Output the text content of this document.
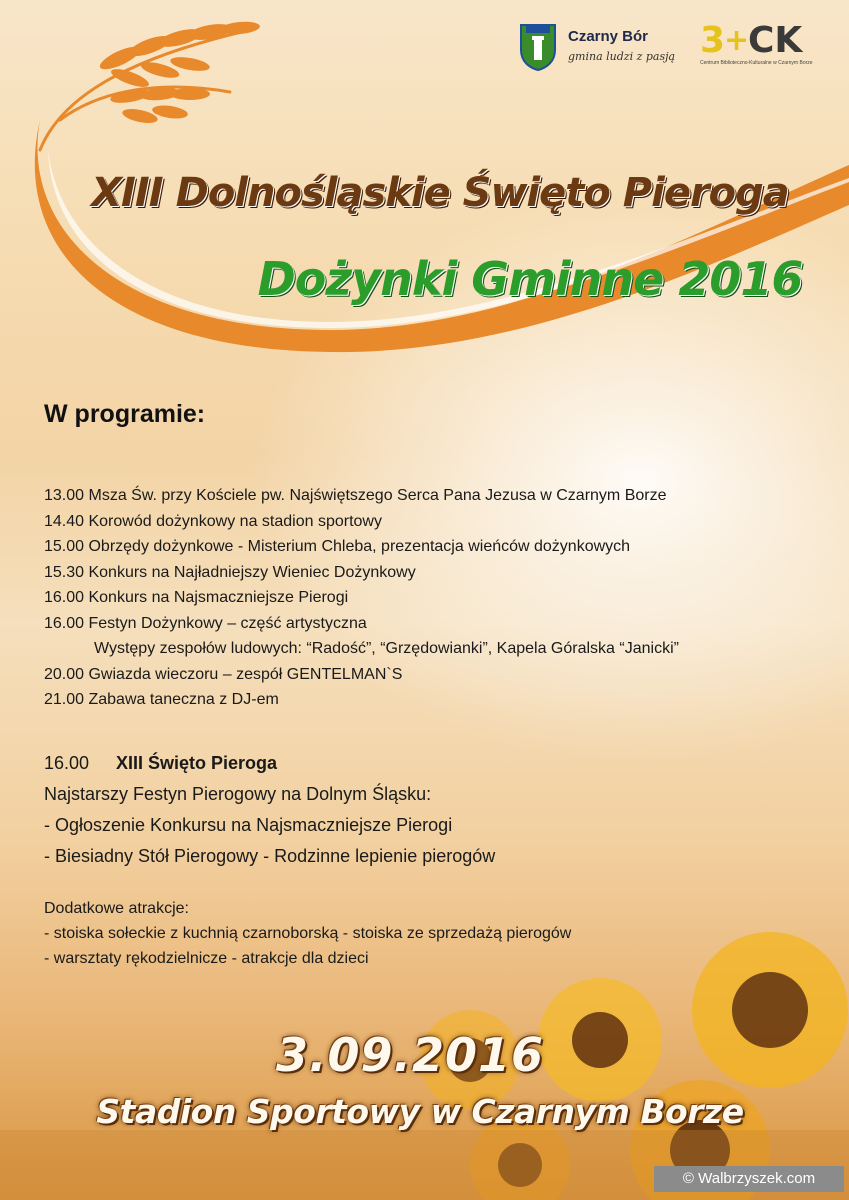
Czarny Bór
gmina ludzi z pasją 3
+
CK
Centrum Biblioteczno-Kulturalne w Czarnym Borze
XIII Dolnośląskie Święto Pieroga
Dożynki Gminne 2016
W programie:
13.00 Msza Św. przy Kościele pw. Najświętszego Serca Pana Jezusa w Czarnym Borze
14.40 Korowód dożynkowy na stadion sportowy
15.00 Obrzędy dożynkowe - Misterium Chleba, prezentacja wieńców dożynkowych
15.30 Konkurs na Najładniejszy Wieniec Dożynkowy
16.00 Konkurs na Najsmaczniejsze Pierogi
16.00 Festyn Dożynkowy – część artystyczna
Występy zespołów ludowych: “Radość”, “Grzędowianki”, Kapela Góralska “Janicki”
20.00 Gwiazda wieczoru – zespół GENTELMAN`S
21.00 Zabawa taneczna z DJ-em
16.00 XIII Święto Pieroga
Najstarszy Festyn Pierogowy na Dolnym Śląsku:
- Ogłoszenie Konkursu na Najsmaczniejsze Pierogi
- Biesiadny Stół Pierogowy - Rodzinne lepienie pierogów
Dodatkowe atrakcje:
- stoiska sołeckie z kuchnią czarnoborską - stoiska ze sprzedażą pierogów
- warsztaty rękodzielnicze - atrakcje dla dzieci
3.09.2016
Stadion Sportowy w Czarnym Borze
© Walbrzyszek.com
